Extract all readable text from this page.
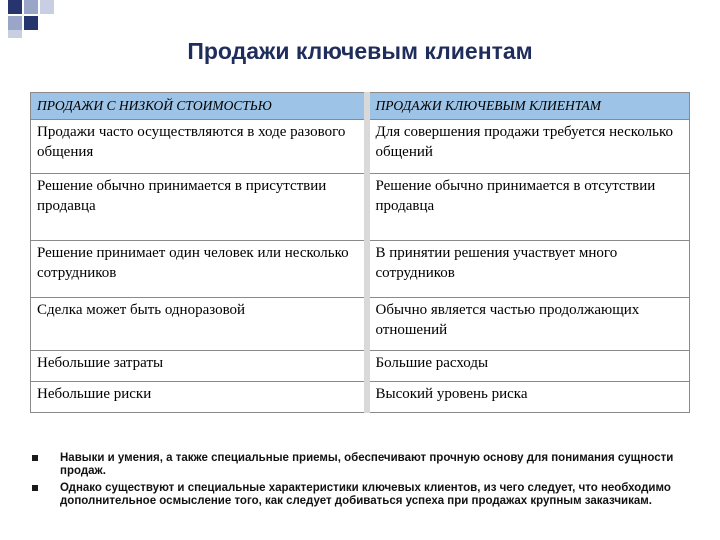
Продажи ключевым клиентам
ПРОДАЖИ С НИЗКОЙ СТОИМОСТЬЮ	ПРОДАЖИ КЛЮЧЕВЫМ КЛИЕНТАМ
Продажи часто осуществляются в ходе разового общения	Для совершения продажи требуется несколько общений
Решение обычно принимается в присутствии продавца	Решение обычно принимается в отсутствии продавца
Решение принимает один человек или несколько сотрудников	В принятии решения участвует много сотрудников
Сделка может быть одноразовой	Обычно является частью продолжающих отношений
Небольшие затраты	Большие расходы
Небольшие риски	Высокий уровень риска
Навыки и умения, а также специальные приемы, обеспечивают прочную основу для понимания сущности продаж.
Однако существуют и специальные характеристики ключевых клиентов, из чего следует, что необходимо дополнительное осмысление того, как следует добиваться успеха при продажах крупным заказчикам.
